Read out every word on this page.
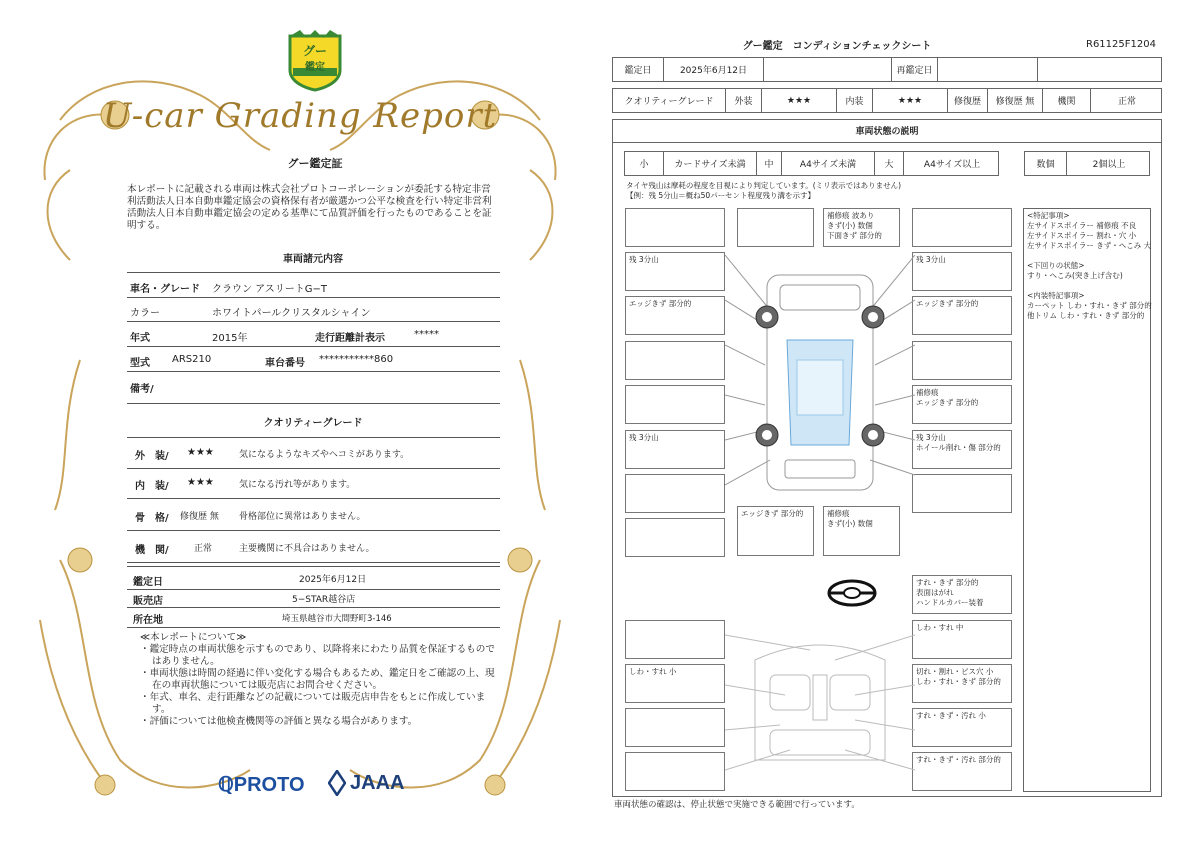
グー
鑑定
U-car Grading Report
グー鑑定証
本レポートに記載される車両は株式会社プロトコーポレーションが委託する特定非営利活動法人日本自動車鑑定協会の資格保有者が厳選かつ公平な検査を行い特定非営利活動法人日本自動車鑑定協会の定める基準にて品質評価を行ったものであることを証明する。
車両諸元内容
車名・グレード クラウン アスリートG−T
カラー	ホワイトパールクリスタルシャイン
年式	2015年	走行距離計表示	*****
型式 ARS210	車台番号 ***********860
備考/
クオリティーグレード
外　装/ ★★★	気になるようなキズやヘコミがあります。
内　装/ ★★★	気になる汚れ等があります。
骨　格/ 修復歴 無 骨格部位に異常はありません。
機　関/	正常	主要機関に不具合はありません。
鑑定日	2025年6月12日
販売店	5−STAR越谷店
所在地	埼玉県越谷市大間野町3-146
≪本レポートについて≫
・鑑定時点の車両状態を示すものであり、以降将来にわたり品質を保証するものではありません。
・車両状態は時間の経過に伴い変化する場合もあるため、鑑定日をご確認の上、現在の車両状態については販売店にお問合せください。
・年式、車名、走行距離などの記載については販売店申告をもとに作成しています。
・評価については他検査機関等の評価と異なる場合があります。
ℚPROTO JAAA
グー鑑定　コンディションチェックシート	R61125F1204
鑑定日	2025年6月12日	再鑑定日
クオリティーグレード	外装	★★★	内装	★★★	修復歴	修復歴 無	機関	正常
車両状態の説明
小	カードサイズ未満	中	A4サイズ未満	大	A4サイズ以上	数個	2個以上
タイヤ残山は摩耗の程度を目視により判定しています。(ミリ表示ではありません)
【例：残 5分山＝概ね50パーセント程度残り溝を示す】
補修痕 波あり
きず(小) 数個
下面きず 部分的
残 3分山	残 3分山
エッジきず 部分的	エッジきず 部分的
補修痕
エッジきず 部分的
残 3分山	残 3分山
ホイール削れ・傷 部分的
エッジきず 部分的	補修痕
きず(小) 数個
すれ・きず 部分的
表面はがれ
ハンドルカバー装着
しわ・すれ 中
しわ・すれ 小	切れ・割れ・ビス穴 小
しわ・すれ・きず 部分的
すれ・きず・汚れ 小
すれ・きず・汚れ 部分的
<特記事項>
左サイドスポイラー 補修痕 不良
左サイドスポイラー 割れ・穴 小
左サイドスポイラー きず・へこみ 大

<下回りの状態>
すり・へこみ(突き上げ含む)

<内装特記事項>
カーペット しわ・すれ・きず 部分的
他トリム しわ・すれ・きず 部分的
車両状態の確認は、停止状態で実施できる範囲で行っています。
